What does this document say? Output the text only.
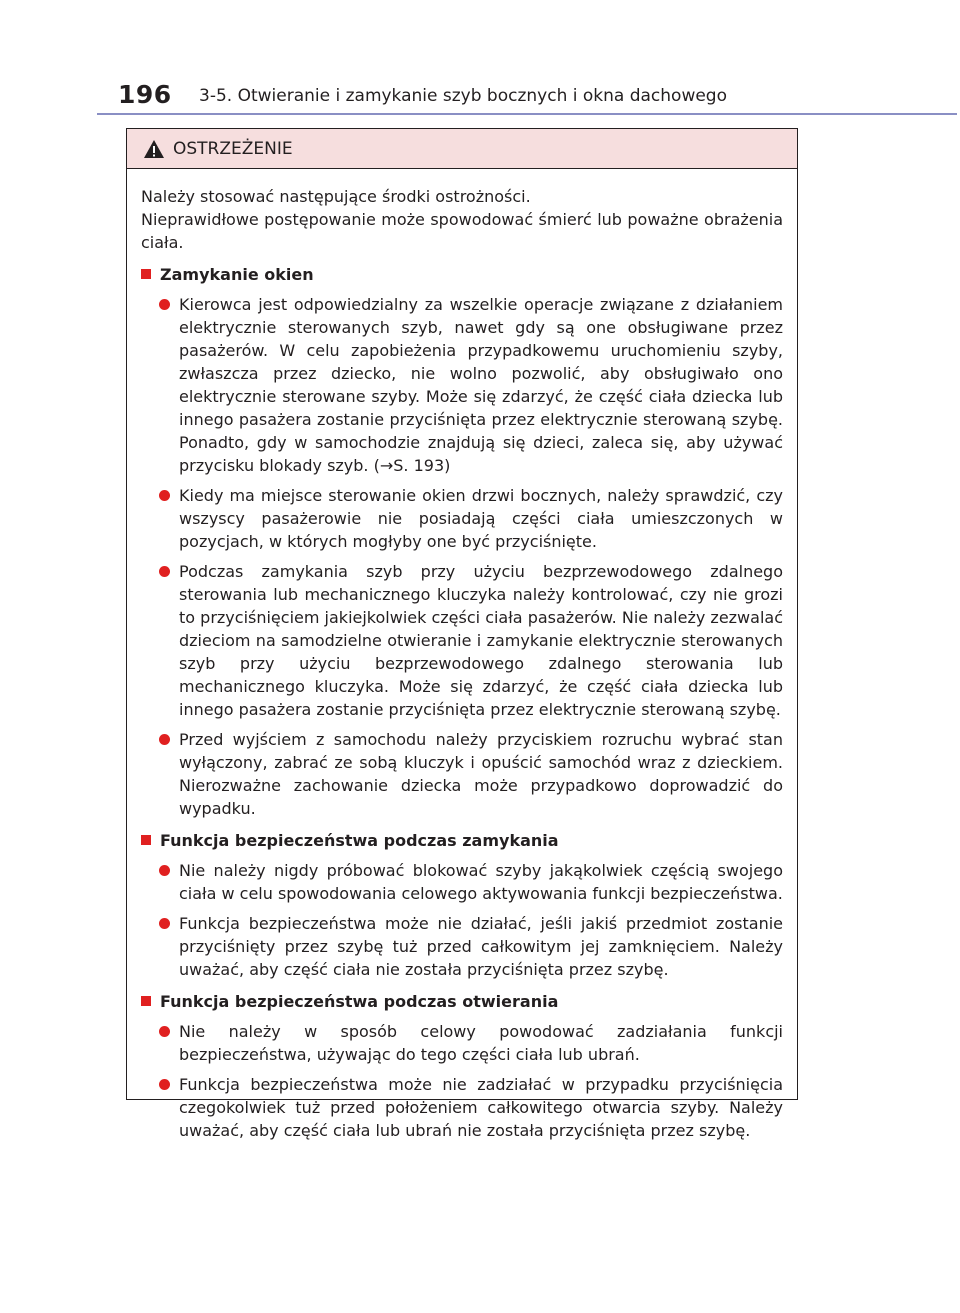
196 3-5. Otwieranie i zamykanie szyb bocznych i okna dachowego
OSTRZEŻENIE

Należy stosować następujące środki ostrożności.

Nieprawidłowe postępowanie może spowodować śmierć lub poważne obrażenia ciała.

Zamykanie okien
Kierowca jest odpowiedzialny za wszelkie operacje związane z działaniem elektrycznie sterowanych szyb, nawet gdy są one obsługiwane przez pasażerów. W celu zapobieżenia przypadkowemu uruchomieniu szyby, zwłaszcza przez dziecko, nie wolno pozwolić, aby obsługiwało ono elektrycznie sterowane szyby. Może się zdarzyć, że część ciała dziecka lub innego pasażera zostanie przyciśnięta przez elektrycznie sterowaną szybę. Ponadto, gdy w samochodzie znajdują się dzieci, zaleca się, aby używać przycisku blokady szyb. (→S. 193)
Kiedy ma miejsce sterowanie okien drzwi bocznych, należy sprawdzić, czy wszyscy pasażerowie nie posiadają części ciała umieszczonych w pozycjach, w których mogłyby one być przyciśnięte.
Podczas zamykania szyb przy użyciu bezprzewodowego zdalnego sterowania lub mechanicznego kluczyka należy kontrolować, czy nie grozi to przyciśnięciem jakiejkolwiek części ciała pasażerów. Nie należy zezwalać dzieciom na samodzielne otwieranie i zamykanie elektrycznie sterowanych szyb przy użyciu bezprzewodowego zdalnego sterowania lub mechanicznego kluczyka. Może się zdarzyć, że część ciała dziecka lub innego pasażera zostanie przyciśnięta przez elektrycznie sterowaną szybę.
Przed wyjściem z samochodu należy przyciskiem rozruchu wybrać stan wyłączony, zabrać ze sobą kluczyk i opuścić samochód wraz z dzieckiem. Nierozważne zachowanie dziecka może przypadkowo doprowadzić do wypadku.
Funkcja bezpieczeństwa podczas zamykania
Nie należy nigdy próbować blokować szyby jakąkolwiek częścią swojego ciała w celu spowodowania celowego aktywowania funkcji bezpieczeństwa.
Funkcja bezpieczeństwa może nie działać, jeśli jakiś przedmiot zostanie przyciśnięty przez szybę tuż przed całkowitym jej zamknięciem. Należy uważać, aby część ciała nie została przyciśnięta przez szybę.
Funkcja bezpieczeństwa podczas otwierania
Nie należy w sposób celowy powodować zadziałania funkcji bezpieczeństwa, używając do tego części ciała lub ubrań.
Funkcja bezpieczeństwa może nie zadziałać w przypadku przyciśnięcia czegokolwiek tuż przed położeniem całkowitego otwarcia szyby. Należy uważać, aby część ciała lub ubrań nie została przyciśnięta przez szybę.
